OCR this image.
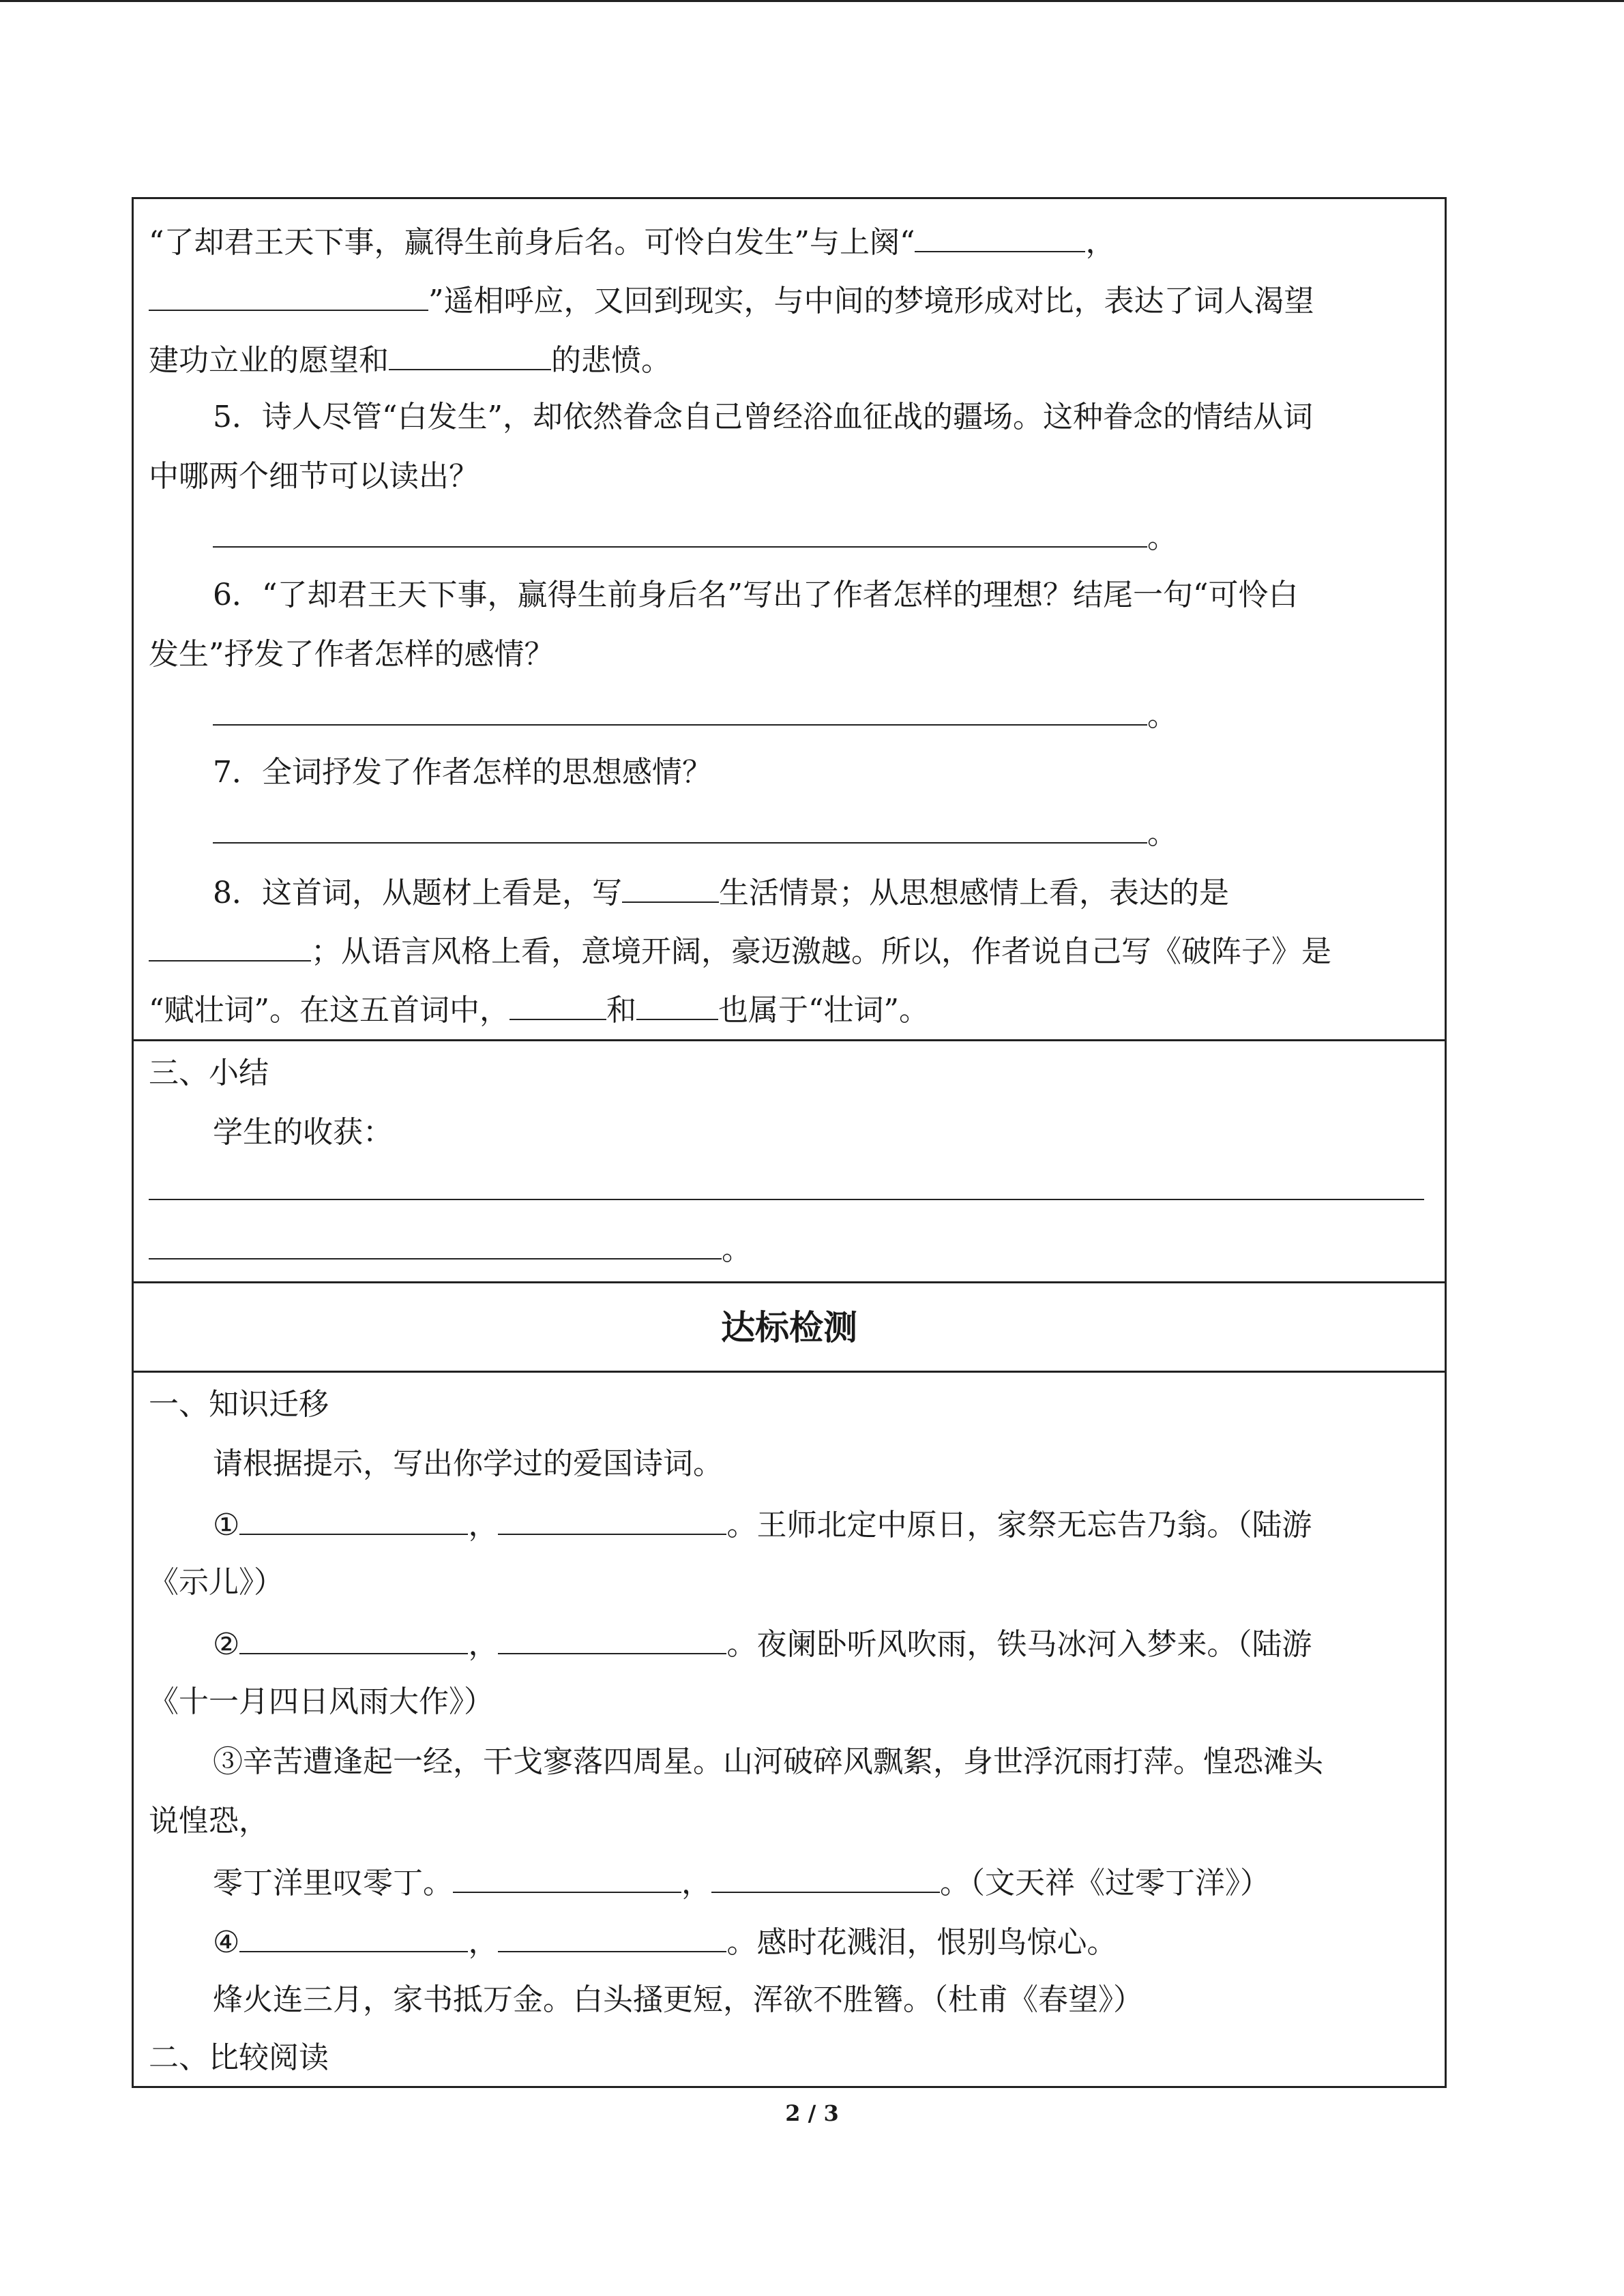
“了却君王天下事，赢得生前身后名。可怜白发生”与上阕“	，
”遥相呼应，又回到现实，与中间的梦境形成对比，表达了词人渴望
建功立业的愿望和	的悲愤。
5．诗人尽管“白发生”，却依然眷念自己曾经浴血征战的疆场。这种眷念的情结从词
中哪两个细节可以读出？
。
6．“了却君王天下事，赢得生前身后名”写出了作者怎样的理想？结尾一句“可怜白
发生”抒发了作者怎样的感情？
。
7．全词抒发了作者怎样的思想感情？
。
8．这首词，从题材上看是，写	生活情景；从思想感情上看，表达的是
；从语言风格上看，意境开阔，豪迈激越。所以，作者说自己写《破阵子》是
“赋壮词”。在这五首词中，	和	也属于“壮词”。
三、小结
学生的收获：
。
达标检测
一、知识迁移
请根据提示，写出你学过的爱国诗词。
①	，	。王师北定中原日，家祭无忘告乃翁。（陆游
《示儿》）
②	，	。夜阑卧听风吹雨，铁马冰河入梦来。（陆游
《十一月四日风雨大作》）
③辛苦遭逢起一经，干戈寥落四周星。山河破碎风飘絮，身世浮沉雨打萍。惶恐滩头
说惶恐，
零丁洋里叹零丁。	，	。（文天祥《过零丁洋》）
④	，	。感时花溅泪，恨别鸟惊心。
烽火连三月，家书抵万金。白头搔更短，浑欲不胜簪。（杜甫《春望》）
二、比较阅读
2 / 3
